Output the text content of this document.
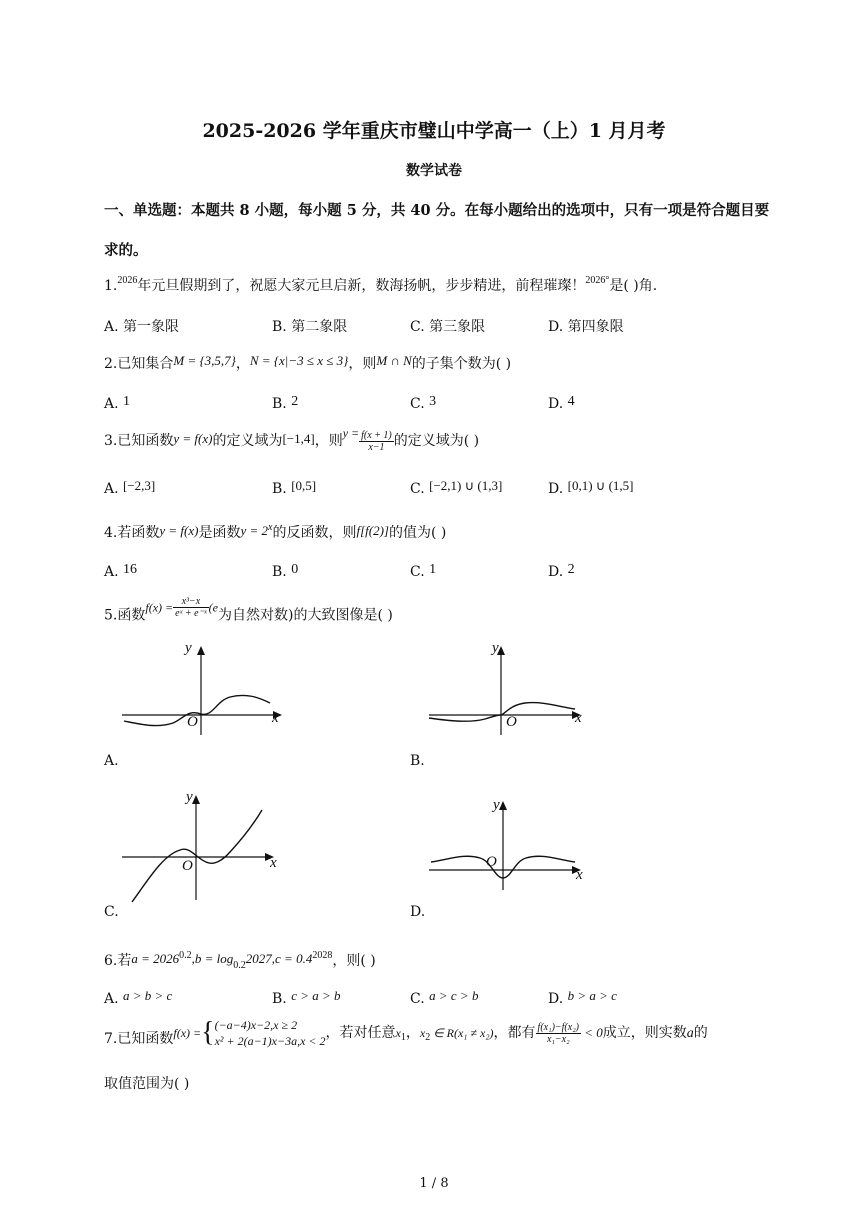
2025-2026 学年重庆市璧山中学高一（上）1 月月考
数学试卷
一、单选题：本题共 8 小题，每小题 5 分，共 40 分。在每小题给出的选项中，只有一项是符合题目要
求的。
1.$^{2026}$年元旦假期到了，祝愿大家元旦启新，数海扬帆，步步精进，前程璀璨！$^{2026^\circ}$是( )角.
A. 第一象限	B. 第二象限	C. 第三象限	D. 第四象限
2.已知集合M = {3,5,7}，N = {x|−3 ≤ x ≤ 3}，则M ∩ N的子集个数为( )
A. 1	B. 2	C. 3	D. 4
3.已知函数y = f(x)的定义域为[−1,4]，则$y = \frac{f(x + 1)}{x-1}$ 的定义域为( )
A. [−2,3]	B. [0,5]	C. [−2,1) ∪ (1,3]	D. [0,1) ∪ (1,5]
4.若函数y = f(x)是函数$y = 2^x$的反函数，则f[f(2)]的值为( )
A. 16	B. 0	C. 1	D. 2
5.函数$f(x) = \frac{\text{x³−x}}{\text{eˣ + e⁻ˣ}} (e$为自然对数)的大致图像是( )
y
x
O
A.
y
x
O
B.
y
x
O
C.
y
x
O
D.
6.若$a = 2026^{0.2},b = \log_{0.2}2027,c = 0.4^{2028}$，则( )
A. a > b > c	B. c > a > b	C. a > c > b	D. b > a > c
7.已知函数f(x) ={ (−a−4)x−2,x ≥ 2
x² + 2(a−1)x−3a,x < 2 ，若对任意$x_1$，$x_2$ ∈ R(x₁ ≠ x₂)，都有 $\frac{\text{f(x₁)−f(x₂)}}{\text{x₁−x₂}} < 0$成立，则实数a的
取值范围为( )
1 / 8
